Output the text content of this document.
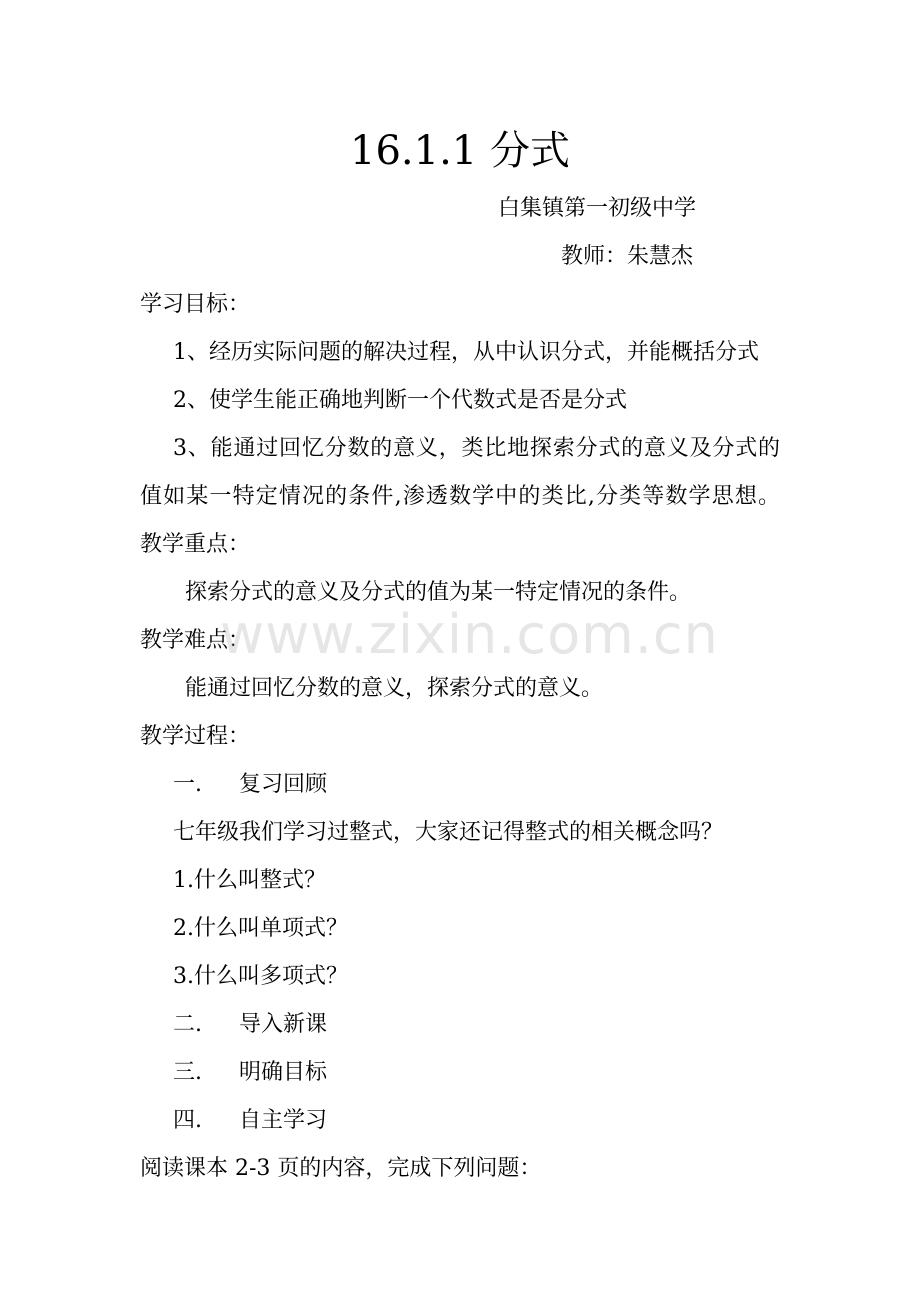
16.1.1 分式
白集镇第一初级中学
教师：朱慧杰
学习目标：
1、经历实际问题的解决过程，从中认识分式，并能概括分式
2、使学生能正确地判断一个代数式是否是分式
3、能通过回忆分数的意义，类比地探索分式的意义及分式的
值如某一特定情况的条件,渗透数学中的类比,分类等数学思想。
教学重点：
探索分式的意义及分式的值为某一特定情况的条件。
教学难点：
能通过回忆分数的意义，探索分式的意义。
教学过程：
一. 复习回顾
七年级我们学习过整式，大家还记得整式的相关概念吗？
1.什么叫整式？
2.什么叫单项式？
3.什么叫多项式？
二. 导入新课
三. 明确目标
四. 自主学习
阅读课本 2-3 页的内容，完成下列问题：
www.zixin.com.cn
